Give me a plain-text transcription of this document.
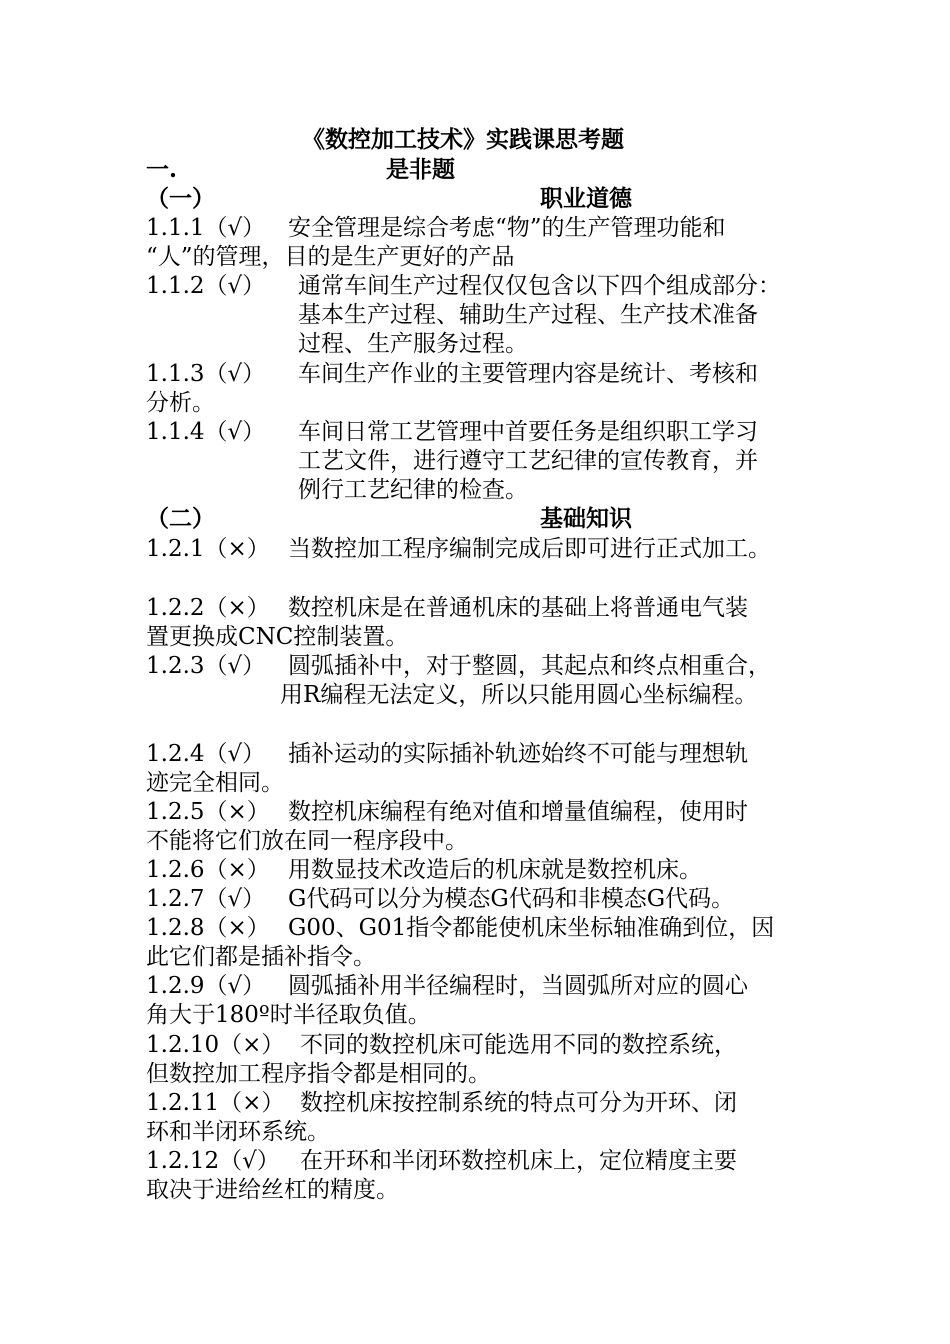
《数控加工技术》实践课思考题
一.	是非题
（一）	职业道德
1.1.1（√） 安全管理是综合考虑“物”的生产管理功能和
“人”的管理，目的是生产更好的产品
1.1.2（√） 通常车间生产过程仅仅包含以下四个组成部分：
基本生产过程、辅助生产过程、生产技术准备
过程、生产服务过程。
1.1.3（√） 车间生产作业的主要管理内容是统计、考核和
分析。
1.1.4（√） 车间日常工艺管理中首要任务是组织职工学习
工艺文件，进行遵守工艺纪律的宣传教育，并
例行工艺纪律的检查。
（二）	基础知识
1.2.1（×） 当数控加工程序编制完成后即可进行正式加工。
1.2.2（×） 数控机床是在普通机床的基础上将普通电气装
置更换成CNC控制装置。
1.2.3（√） 圆弧插补中，对于整圆，其起点和终点相重合，
用R编程无法定义，所以只能用圆心坐标编程。
1.2.4（√） 插补运动的实际插补轨迹始终不可能与理想轨
迹完全相同。
1.2.5（×） 数控机床编程有绝对值和增量值编程，使用时
不能将它们放在同一程序段中。
1.2.6（×） 用数显技术改造后的机床就是数控机床。
1.2.7（√） G代码可以分为模态G代码和非模态G代码。
1.2.8（×） G00、G01指令都能使机床坐标轴准确到位，因
此它们都是插补指令。
1.2.9（√） 圆弧插补用半径编程时，当圆弧所对应的圆心
角大于180º时半径取负值。
1.2.10（×） 不同的数控机床可能选用不同的数控系统，
但数控加工程序指令都是相同的。
1.2.11（×） 数控机床按控制系统的特点可分为开环、闭
环和半闭环系统。
1.2.12（√） 在开环和半闭环数控机床上，定位精度主要
取决于进给丝杠的精度。
